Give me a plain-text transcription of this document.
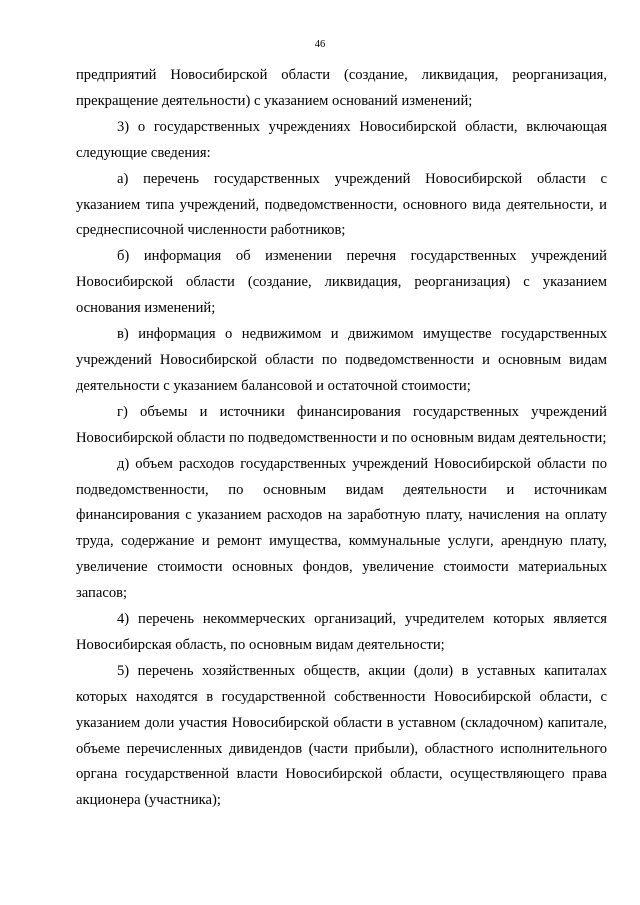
46

предприятий Новосибирской области (создание, ликвидация, реорганизация, прекращение деятельности) с указанием оснований изменений;

3) о государственных учреждениях Новосибирской области, включающая следующие сведения:

а) перечень государственных учреждений Новосибирской области с указанием типа учреждений, подведомственности, основного вида деятельности, и среднесписочной численности работников;

б) информация об изменении перечня государственных учреждений Новосибирской области (создание, ликвидация, реорганизация) с указанием основания изменений;

в) информация о недвижимом и движимом имуществе государственных учреждений Новосибирской области по подведомственности и основным видам деятельности с указанием балансовой и остаточной стоимости;

г) объемы и источники финансирования государственных учреждений Новосибирской области по подведомственности и по основным видам деятельности;

д) объем расходов государственных учреждений Новосибирской области по подведомственности, по основным видам деятельности и источникам финансирования с указанием расходов на заработную плату, начисления на оплату труда, содержание и ремонт имущества, коммунальные услуги, арендную плату, увеличение стоимости основных фондов, увеличение стоимости материальных запасов;

4) перечень некоммерческих организаций, учредителем которых является Новосибирская область, по основным видам деятельности;

5) перечень хозяйственных обществ, акции (доли) в уставных капиталах которых находятся в государственной собственности Новосибирской области, с указанием доли участия Новосибирской области в уставном (складочном) капитале, объеме перечисленных дивидендов (части прибыли), областного исполнительного органа государственной власти Новосибирской области, осуществляющего права акционера (участника);
